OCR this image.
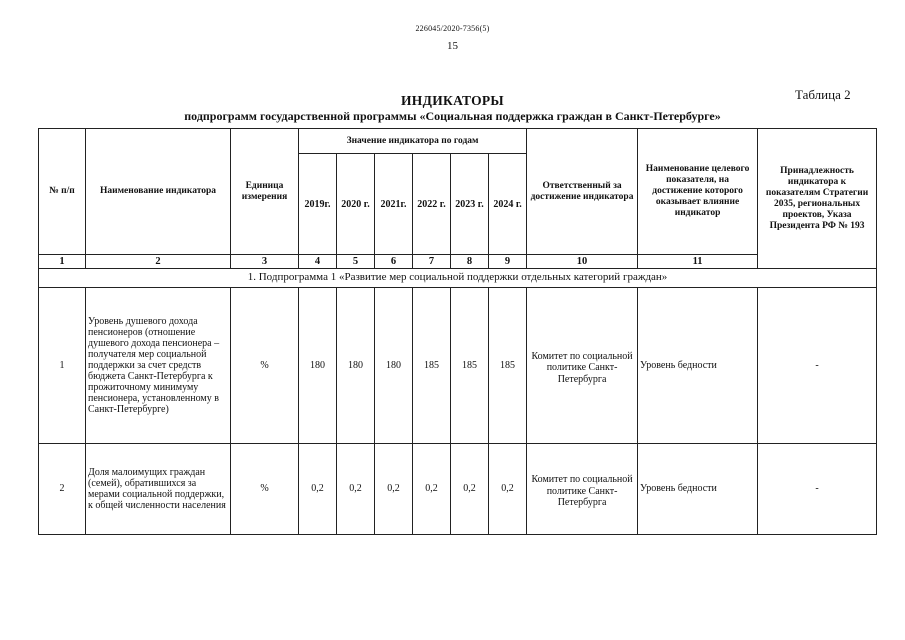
226045/2020-7356(5)
15
Таблица 2
ИНДИКАТОРЫ
подпрограмм государственной программы «Социальная поддержка граждан в Санкт-Петербурге»
№ п/п	Наименование индикатора	Единица измерения	Значение индикатора по годам						Ответственный за достижение индикатора	Наименование целевого показателя, на достижение которого оказывает влияние индикатор	Принадлежность индикатора к показателям Стратегии 2035, региональных проектов, Указа Президента РФ № 193
			2019г.	2020 г.	2021г.	2022 г.	2023 г.	2024 г.			
1	2	3	4	5	6	7	8	9	10	11	
1. Подпрограмма 1 «Развитие мер социальной поддержки отдельных категорий граждан»											
1	Уровень душевого дохода пенсионеров (отношение душевого дохода пенсионера – получателя мер социальной поддержки за счет средств бюджета Санкт-Петербурга к прожиточному минимуму пенсионера, установленному в Санкт-Петербурге)	%	180	180	180	185	185	185	Комитет по социальной политике Санкт-Петербурга	Уровень бедности	-
2	Доля малоимущих граждан (семей), обратившихся за мерами социальной поддержки, к общей численности населения	%	0,2	0,2	0,2	0,2	0,2	0,2	Комитет по социальной политике Санкт-Петербурга	Уровень бедности	-
